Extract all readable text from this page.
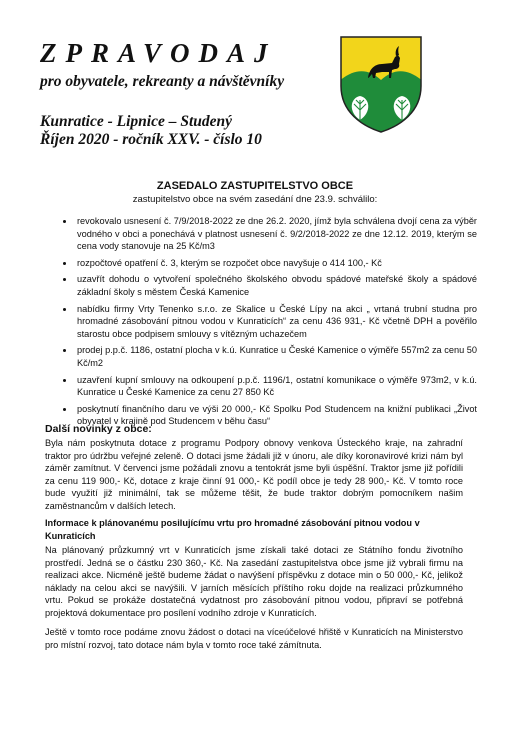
ZPRAVODAJ

pro obyvatele, rekreanty a návštěvníky

Kunratice - Lipnice – Studený

Říjen 2020 - ročník XXV. - číslo 10

ZASEDALO ZASTUPITELSTVO OBCE

zastupitelstvo obce na svém zasedání dne 23.9. schválilo:

• revokovalo usnesení č. 7/9/2018-2022 ze dne 26.2. 2020, jímž byla schválena dvojí cena za výběr vodného v obci a ponechává v platnost usnesení č. 9/2/2018-2022 ze dne 12.12. 2019, kterým se cena vody stanovuje na 25 Kč/m3
• rozpočtové opatření č. 3, kterým se rozpočet obce navyšuje o 414 100,- Kč
• uzavřít dohodu o vytvoření společného školského obvodu spádové mateřské školy a spádové základní školy s městem Česká Kamenice
• nabídku firmy Vrty Tenenko s.r.o. ze Skalice u České Lípy na akci „ vrtaná trubní studna pro hromadné zásobování pitnou vodou v Kunraticích“ za cenu 436 931,- Kč včetně DPH a pověřilo starostu obce podpisem smlouvy s vítězným uchazečem
• prodej p.p.č. 1186, ostatní plocha v k.ú. Kunratice u České Kamenice o výměře 557m2 za cenu 50 Kč/m2
• uzavření kupní smlouvy na odkoupení p.p.č. 1196/1, ostatní komunikace o výměře 973m2, v k.ú. Kunratice u České Kamenice za cenu 27 850 Kč
• poskytnutí finančního daru ve výši 20 000,- Kč Spolku Pod Studencem na knižní publikaci „Život obyvatel v krajině pod Studencem v běhu času“
Další novinky z obce:

Byla nám poskytnuta dotace z programu Podpory obnovy venkova Ústeckého kraje, na zahradní traktor pro údržbu veřejné zeleně. O dotaci jsme žádali již v únoru, ale díky koronavirové krizi nám byl záměr zamítnut. V červenci jsme požádali znovu a tentokrát jsme byli úspěšní. Traktor jsme již pořídili za cenu 119 900,- Kč, dotace z kraje činní 91 000,- Kč podíl obce je tedy 28 900,- Kč. V tomto roce bude využití již minimální, tak se můžeme těšit, že bude traktor dobrým pomocníkem našim zaměstnancům v dalších letech.

Informace k plánovanému posilujícímu vrtu pro hromadné zásobování pitnou vodou v Kunraticích

Na plánovaný průzkumný vrt v Kunraticích jsme získali také dotaci ze Státního fondu životního prostředí. Jedná se o částku 230 360,- Kč. Na zasedání zastupitelstva obce jsme již vybrali firmu na realizaci akce. Nicméně ještě budeme žádat o navýšení příspěvku z dotace min o 50 000,- Kč, jelikož náklady na celou akci se navýšili. V jarních měsících příštího roku dojde na realizaci průzkumného vrtu. Pokud se prokáže dostatečná vydatnost pro zásobování pitnou vodou, připraví se potřebná projektová dokumentace pro posílení vodního zdroje v Kunraticích.

Ještě v tomto roce podáme znovu žádost o dotaci na víceúčelové hřiště v Kunraticích na Ministerstvo pro místní rozvoj, tato dotace nám byla v tomto roce také zámítnuta.
